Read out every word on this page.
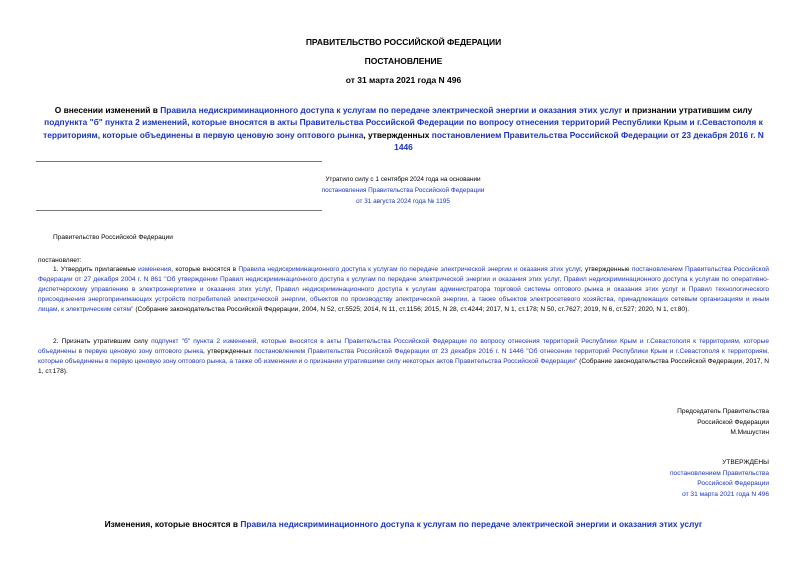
ПРАВИТЕЛЬСТВО РОССИЙСКОЙ ФЕДЕРАЦИИ
ПОСТАНОВЛЕНИЕ
от 31 марта 2021 года N 496
О внесении изменений в Правила недискриминационного доступа к услугам по передаче электрической энергии и оказания этих услуг и признании утратившим силу подпункта "б" пункта 2 изменений, которые вносятся в акты Правительства Российской Федерации по вопросу отнесения территорий Республики Крым и г.Севастополя к территориям, которые объединены в первую ценовую зону оптового рынка, утвержденных постановлением Правительства Российской Федерации от 23 декабря 2016 г. N 1446
Утратило силу с 1 сентября 2024 года на основании
постановления Правительства Российской Федерации
от 31 августа 2024 года № 1195
Правительство Российской Федерации
постановляет:
1. Утвердить прилагаемые изменения, которые вносятся в Правила недискриминационного доступа к услугам по передаче электрической энергии и оказания этих услуг, утвержденные постановлением Правительства Российской Федерации от 27 декабря 2004 г. N 861 "Об утверждении Правил недискриминационного доступа к услугам по передаче электрической энергии и оказания этих услуг, Правил недискриминационного доступа к услугам по оперативно-диспетчерскому управлению в электроэнергетике и оказания этих услуг, Правил недискриминационного доступа к услугам администратора торговой системы оптового рынка и оказания этих услуг и Правил технологического присоединения энергопринимающих устройств потребителей электрической энергии, объектов по производству электрической энергии, а также объектов электросетевого хозяйства, принадлежащих сетевым организациям и иным лицам, к электрическим сетям" (Собрание законодательства Российской Федерации, 2004, N 52, ст.5525; 2014, N 11, ст.1156; 2015, N 28, ст.4244; 2017, N 1, ст.178; N 50, ст.7627; 2019, N 6, ст.527; 2020, N 1, ст.80).
2. Признать утратившим силу подпункт "б" пункта 2 изменений, которые вносятся в акты Правительства Российской Федерации по вопросу отнесения территорий Республики Крым и г.Севастополя к территориям, которые объединены в первую ценовую зону оптового рынка, утвержденных постановлением Правительства Российской Федерации от 23 декабря 2016 г. N 1446 "Об отнесении территорий Республики Крым и г.Севастополя к территориям, которые объединены в первую ценовую зону оптового рынка, а также об изменении и о признании утратившими силу некоторых актов Правительства Российской Федерации" (Собрание законодательства Российской Федерации, 2017, N 1, ст.178).
Председатель Правительства
Российской Федерации
М.Мишустин
УТВЕРЖДЕНЫ
постановлением Правительства
Российской Федерации
от 31 марта 2021 года N 496
Изменения, которые вносятся в Правила недискриминационного доступа к услугам по передаче электрической энергии и оказания этих услуг
